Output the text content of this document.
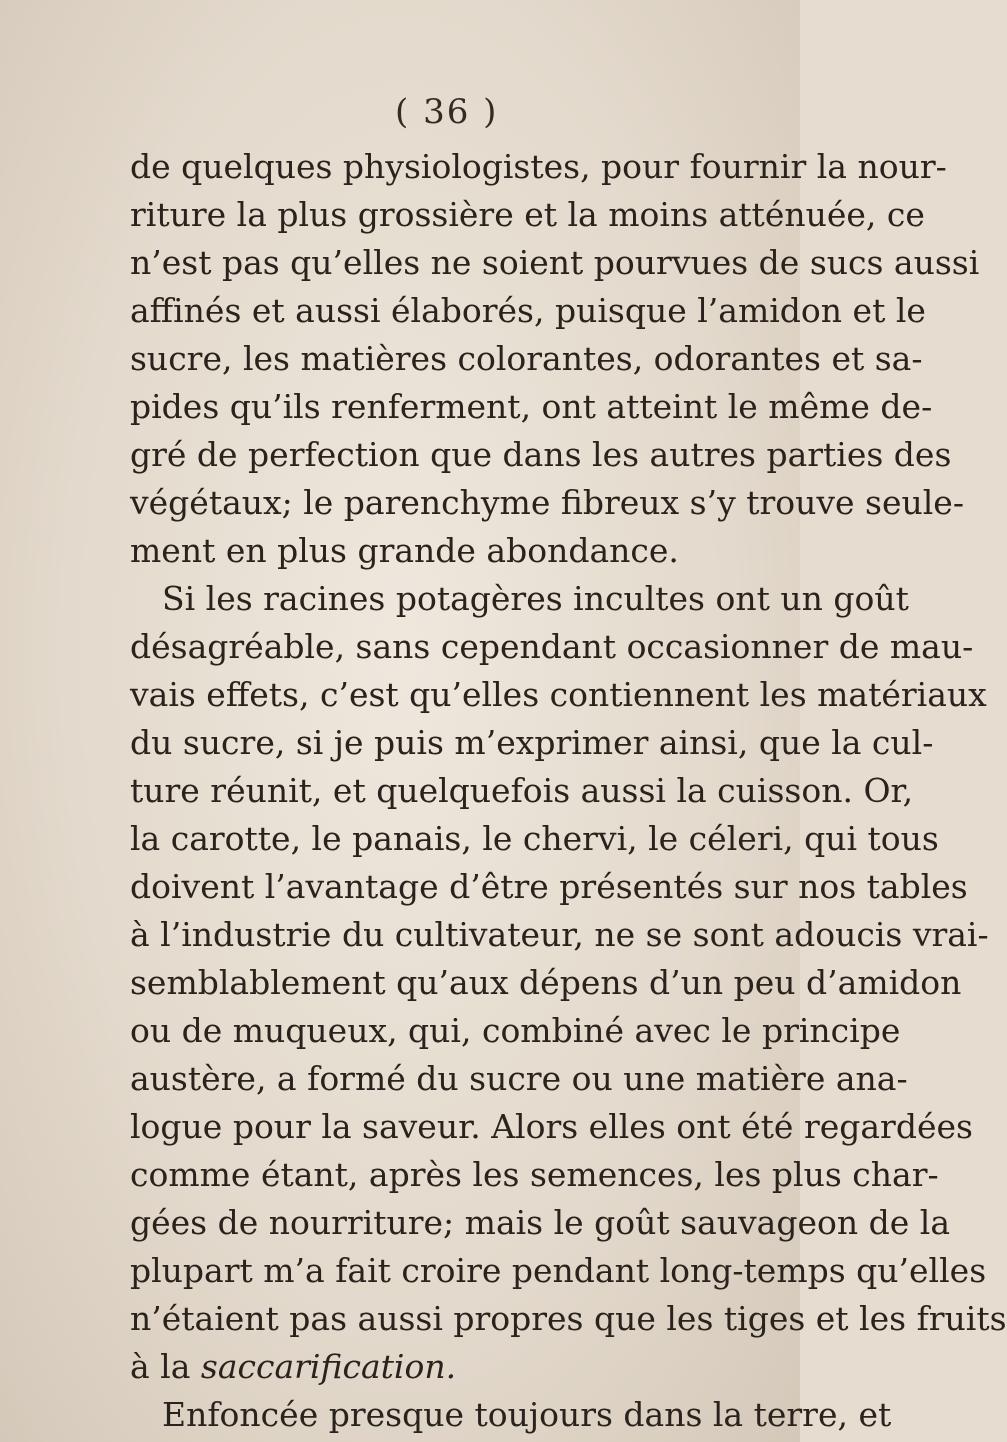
( 36 )
de quelques physiologistes, pour fournir la nour-
riture la plus grossière et la moins atténuée, ce
n’est pas qu’elles ne soient pourvues de sucs aussi
affinés et aussi élaborés, puisque l’amidon et le
sucre, les matières colorantes, odorantes et sa-
pides qu’ils renferment, ont atteint le même de-
gré de perfection que dans les autres parties des
végétaux; le parenchyme fibreux s’y trouve seule-
ment en plus grande abondance.
Si les racines potagères incultes ont un goût
désagréable, sans cependant occasionner de mau-
vais effets, c’est qu’elles contiennent les matériaux
du sucre, si je puis m’exprimer ainsi, que la cul-
ture réunit, et quelquefois aussi la cuisson. Or,
la carotte, le panais, le chervi, le céleri, qui tous
doivent l’avantage d’être présentés sur nos tables
à l’industrie du cultivateur, ne se sont adoucis vrai-
semblablement qu’aux dépens d’un peu d’amidon
ou de muqueux, qui, combiné avec le principe
austère, a formé du sucre ou une matière ana-
logue pour la saveur. Alors elles ont été regardées
comme étant, après les semences, les plus char-
gées de nourriture; mais le goût sauvageon de la
plupart m’a fait croire pendant long-temps qu’elles
n’étaient pas aussi propres que les tiges et les fruits
à la saccarification.
Enfoncée presque toujours dans la terre, et
